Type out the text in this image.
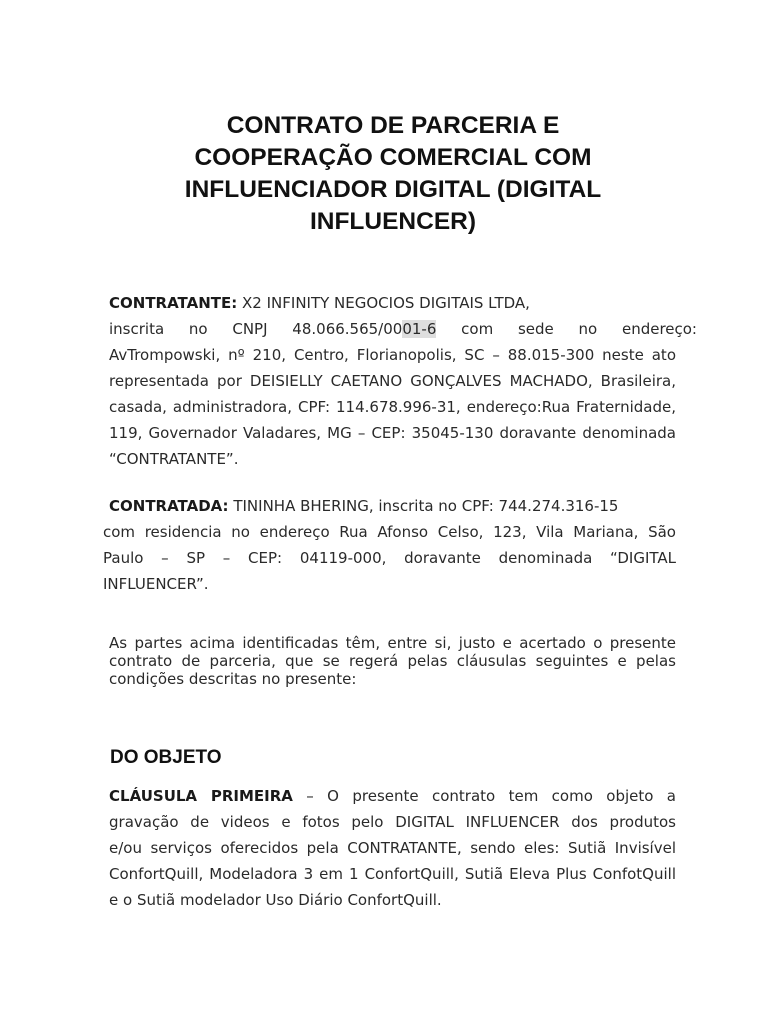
CONTRATO DE PARCERIA E
COOPERAÇÃO COMERCIAL COM
INFLUENCIADOR DIGITAL (DIGITAL
INFLUENCER)
CONTRATANTE: X2 INFINITY NEGOCIOS DIGITAIS LTDA,
inscrita no CNPJ 48.066.565/0001-6 com sede no endereço:
AvTrompowski, nº 210, Centro, Florianopolis, SC – 88.015-300 neste ato
representada por DEISIELLY CAETANO GONÇALVES MACHADO, Brasileira,
casada, administradora, CPF: 114.678.996-31, endereço:Rua Fraternidade,
119, Governador Valadares, MG – CEP: 35045-130 doravante denominada
“CONTRATANTE”.
CONTRATADA: TININHA BHERING, inscrita no CPF: 744.274.316-15
com residencia no endereço Rua Afonso Celso, 123, Vila Mariana, São
Paulo – SP – CEP: 04119-000, doravante denominada “DIGITAL
INFLUENCER”.
As partes acima identificadas têm, entre si, justo e acertado o presente
contrato de parceria, que se regerá pelas cláusulas seguintes e pelas
condições descritas no presente:
DO OBJETO
CLÁUSULA PRIMEIRA – O presente contrato tem como objeto a
gravação de videos e fotos pelo DIGITAL INFLUENCER dos produtos
e/ou serviços oferecidos pela CONTRATANTE, sendo eles: Sutiã Invisível
ConfortQuill, Modeladora 3 em 1 ConfortQuill, Sutiã Eleva Plus ConfotQuill
e o Sutiã modelador Uso Diário ConfortQuill.
